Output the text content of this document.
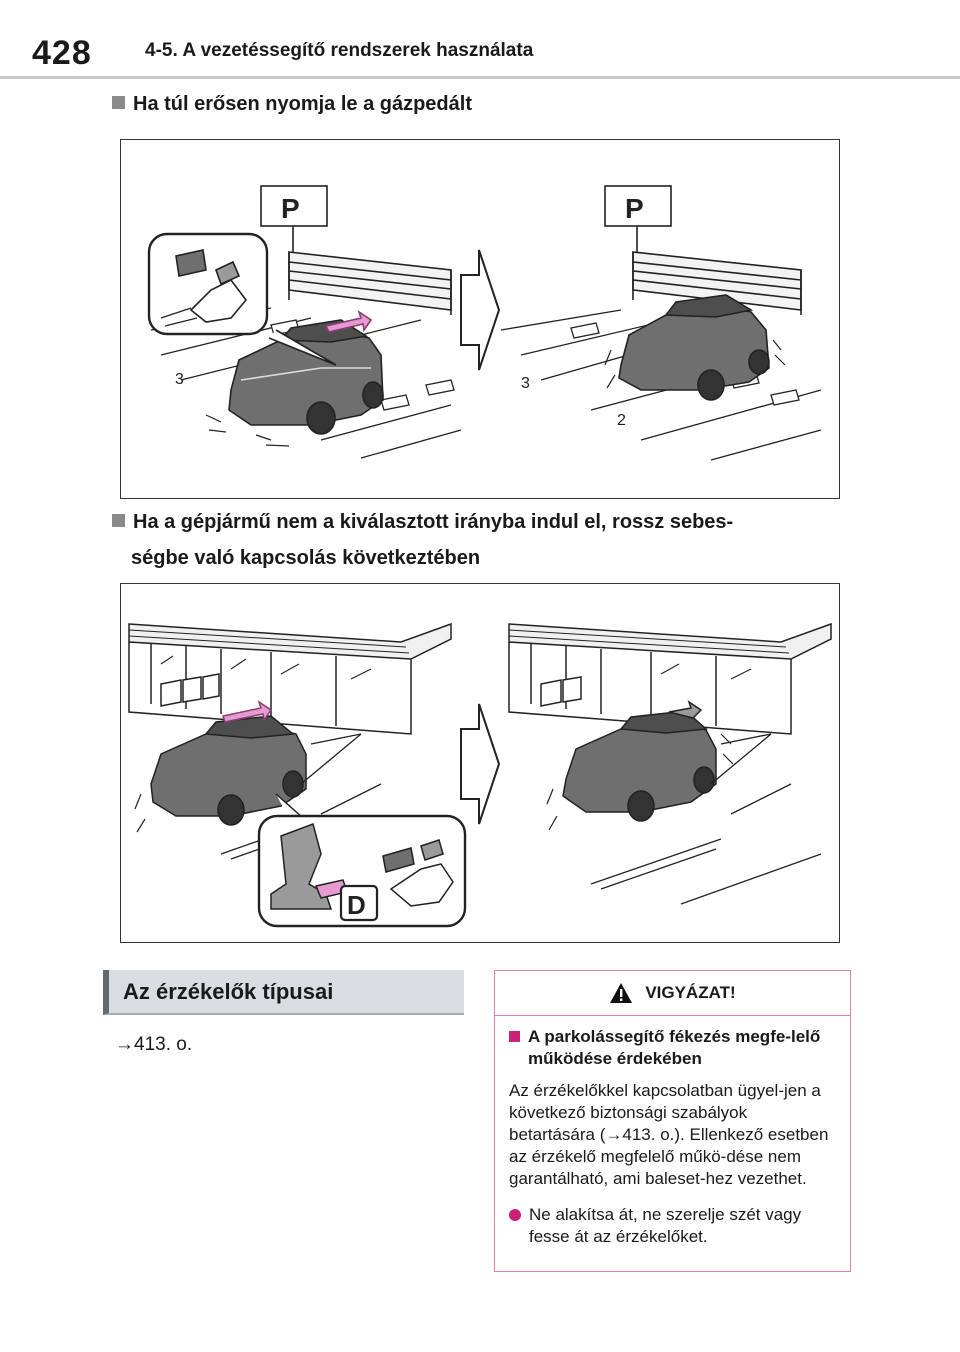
428	4-5. A vezetéssegítő rendszerek használata
Ha túl erősen nyomja le a gázpedált
P
3
P
3
2
Ha a gépjármű nem a kiválasztott irányba indul el, rossz sebes-
ségbe való kapcsolás következtében
D
Az érzékelők típusai
→413. o.
VIGYÁZAT!
A parkolássegítő fékezés megfe-lelő működése érdekében
Az érzékelőkkel kapcsolatban ügyel-jen a következő biztonsági szabályok betartására (→413. o.). Ellenkező esetben az érzékelő megfelelő műkö-dése nem garantálható, ami baleset-hez vezethet.
Ne alakítsa át, ne szerelje szét vagy fesse át az érzékelőket.
